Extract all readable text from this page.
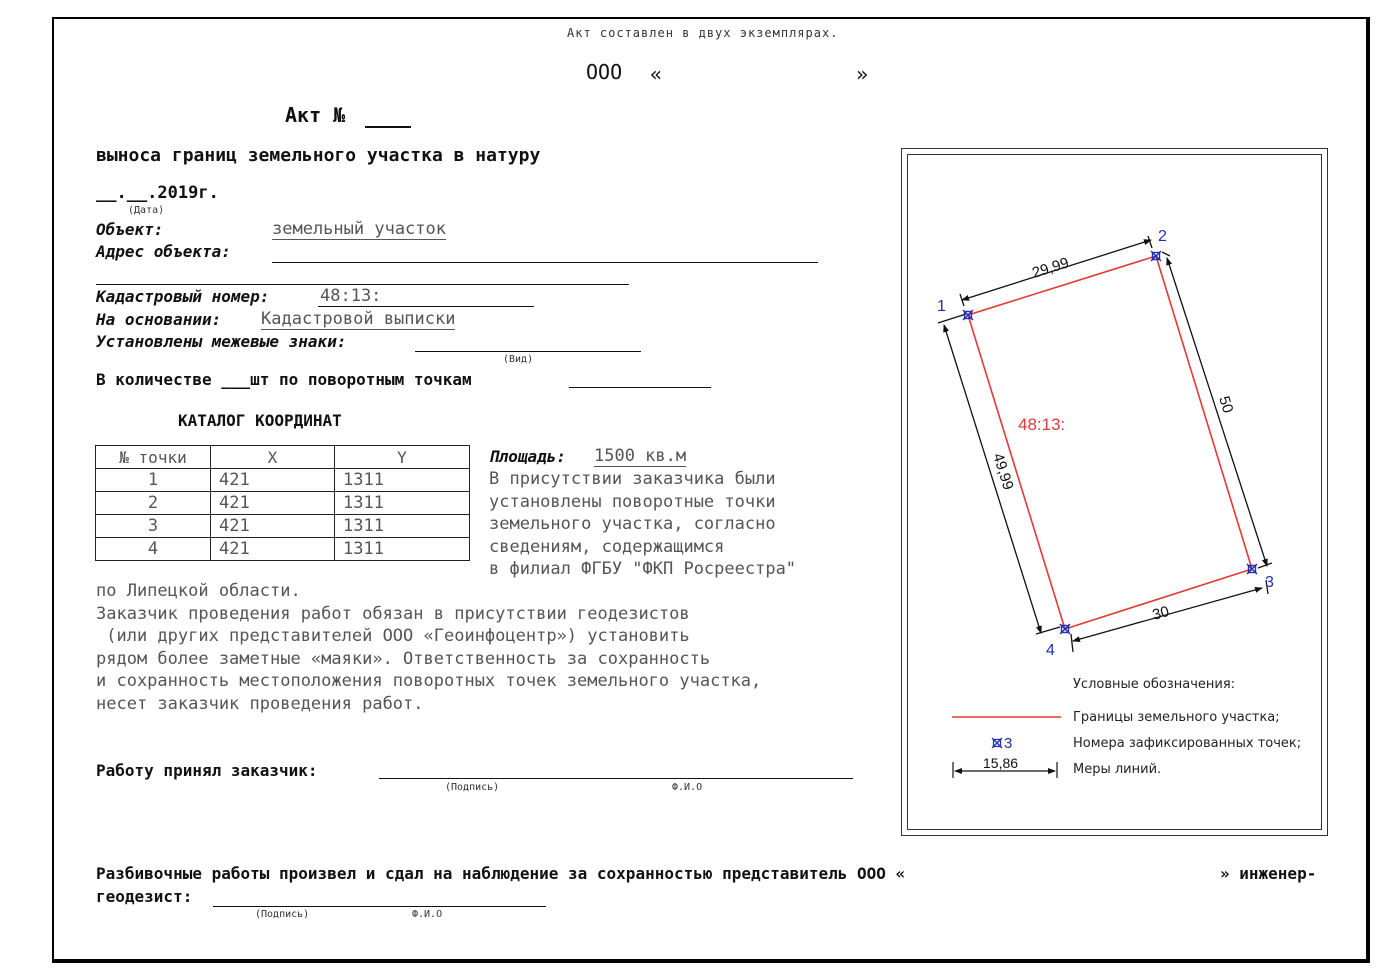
Акт составлен в двух экземплярах.
ООО «	»
Акт №
выноса границ земельного участка в натуру
__.__.2019г.
(Дата)
Объект:	земельный участок
Адрес объекта:
Кадастровый номер:	48:13:
На основании: Кадастровой выписки
Установлены межевые знаки:
(Вид)
В количестве ___шт по поворотным точкам
КАТАЛОГ КООРДИНАТ
№ точки	X	Y
1	421	1311
2	421	1311
3	421	1311
4	421	1311
Площадь: 1500 кв.м
В присутствии заказчика были
установлены поворотные точки
земельного участка, согласно
сведениям, содержащимся
в филиал ФГБУ "ФКП Росреестра"
по Липецкой области.
Заказчик проведения работ обязан в присутствии геодезистов
(или других представителей ООО «Геоинфоцентр») установить
рядом более заметные «маяки». Ответственность за сохранность
и сохранность местоположения поворотных точек земельного участка,
несет заказчик проведения работ.
Работу принял заказчик:
(Подпись)	Ф.И.О
Разбивочные работы произвел и сдал на наблюдение за сохранностью представитель ООО «	» инженер-
геодезист:
(Подпись)	Ф.И.О
1
2
3
4
29,99
50
30
49,99
48:13:
3
15,86
Условные обозначения:
Границы земельного участка;
Номера зафиксированных точек;
Меры линий.
